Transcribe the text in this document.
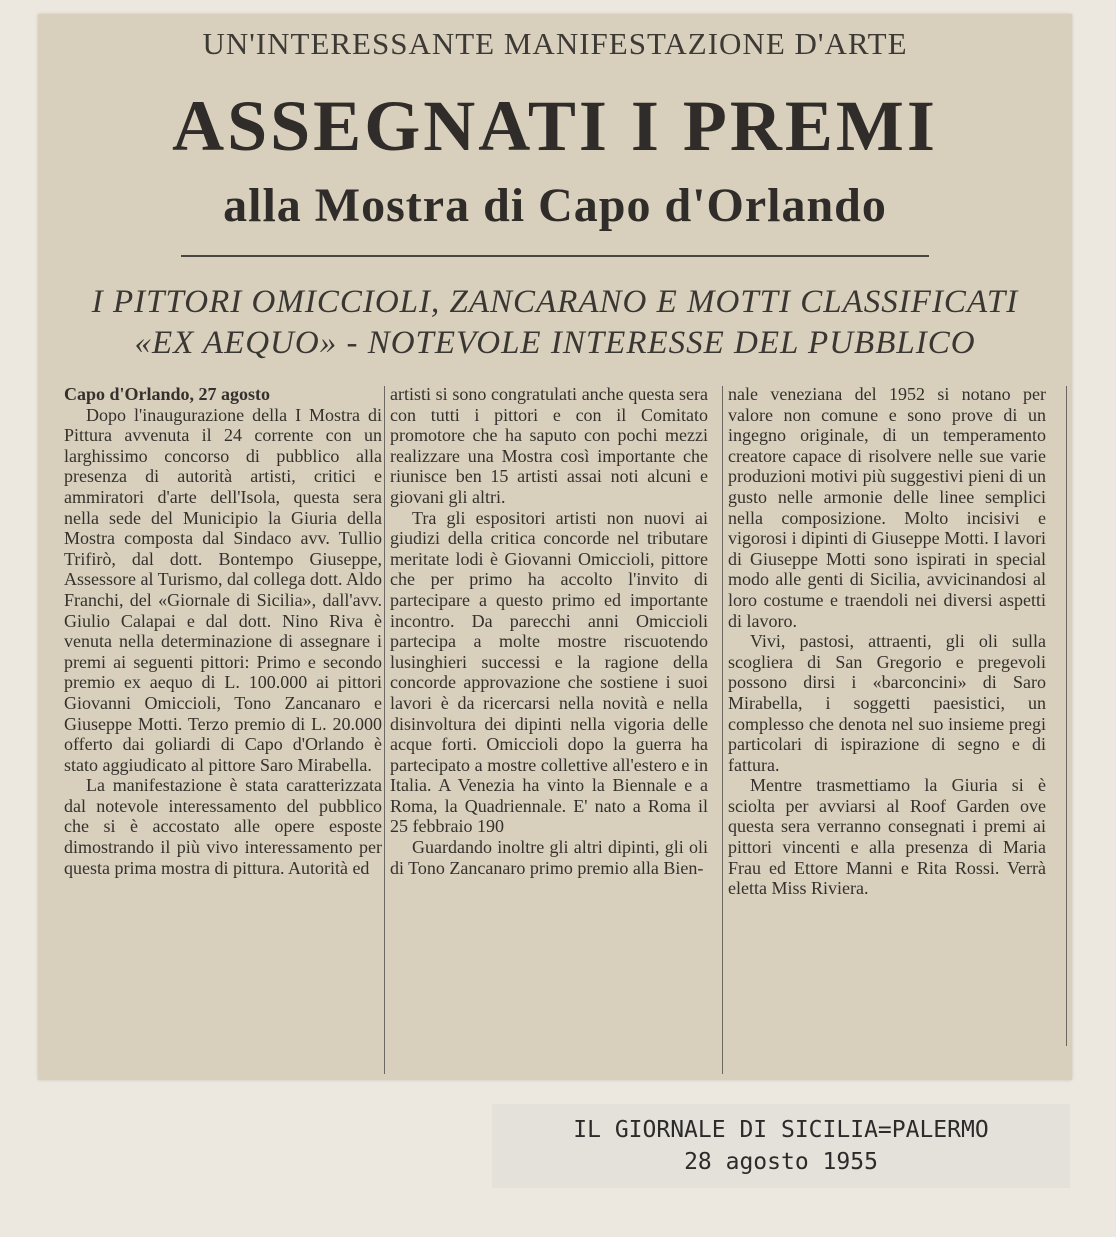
UN'INTERESSANTE MANIFESTAZIONE D'ARTE
ASSEGNATI I PREMI
alla Mostra di Capo d'Orlando
I PITTORI OMICCIOLI, ZANCARANO E MOTTI CLASSIFICATI «EX AEQUO» - NOTEVOLE INTERESSE DEL PUBBLICO

Capo d'Orlando, 27 agosto

Dopo l'inaugurazione della I Mostra di Pittura avvenuta il 24 corrente con un larghissimo concorso di pubblico alla presenza di autorità artisti, critici e ammiratori d'arte dell'Isola, questa sera nella sede del Municipio la Giuria della Mostra composta dal Sindaco avv. Tullio Trifirò, dal dott. Bontempo Giuseppe, Assessore al Turismo, dal collega dott. Aldo Franchi, del «Giornale di Sicilia», dall'avv. Giulio Calapai e dal dott. Nino Riva è venuta nella determinazione di assegnare i premi ai seguenti pittori: Primo e secondo premio ex aequo di L. 100.000 ai pittori Giovanni Omiccioli, Tono Zancanaro e Giuseppe Motti. Terzo premio di L. 20.000 offerto dai goliardi di Capo d'Orlando è stato aggiudicato al pittore Saro Mirabella.

La manifestazione è stata caratterizzata dal notevole interessamento del pubblico che si è accostato alle opere esposte dimostrando il più vivo interessamento per questa prima mostra di pittura. Autorità ed

artisti si sono congratulati anche questa sera con tutti i pittori e con il Comitato promotore che ha saputo con pochi mezzi realizzare una Mostra così importante che riunisce ben 15 artisti assai noti alcuni e giovani gli altri.

Tra gli espositori artisti non nuovi ai giudizi della critica concorde nel tributare meritate lodi è Giovanni Omiccioli, pittore che per primo ha accolto l'invito di partecipare a questo primo ed importante incontro. Da parecchi anni Omiccioli partecipa a molte mostre riscuotendo lusinghieri successi e la ragione della concorde approvazione che sostiene i suoi lavori è da ricercarsi nella novità e nella disinvoltura dei dipinti nella vigoria delle acque forti. Omiccioli dopo la guerra ha partecipato a mostre collettive all'estero e in Italia. A Venezia ha vinto la Biennale e a Roma, la Quadriennale. E' nato a Roma il 25 febbraio 190

Guardando inoltre gli altri dipinti, gli oli di Tono Zancanaro primo premio alla Bien-

nale veneziana del 1952 si notano per valore non comune e sono prove di un ingegno originale, di un temperamento creatore capace di risolvere nelle sue varie produzioni motivi più suggestivi pieni di un gusto nelle armonie delle linee semplici nella composizione. Molto incisivi e vigorosi i dipinti di Giuseppe Motti. I lavori di Giuseppe Motti sono ispirati in special modo alle genti di Sicilia, avvicinandosi al loro costume e traendoli nei diversi aspetti di lavoro.

Vivi, pastosi, attraenti, gli oli sulla scogliera di San Gregorio e pregevoli possono dirsi i «barconcini» di Saro Mirabella, i soggetti paesistici, un complesso che denota nel suo insieme pregi particolari di ispirazione di segno e di fattura.

Mentre trasmettiamo la Giuria si è sciolta per avviarsi al Roof Garden ove questa sera verranno consegnati i premi ai pittori vincenti e alla presenza di Maria Frau ed Ettore Manni e Rita Rossi. Verrà eletta Miss Riviera.

IL GIORNALE DI SICILIA=PALERMO
28 agosto 1955
